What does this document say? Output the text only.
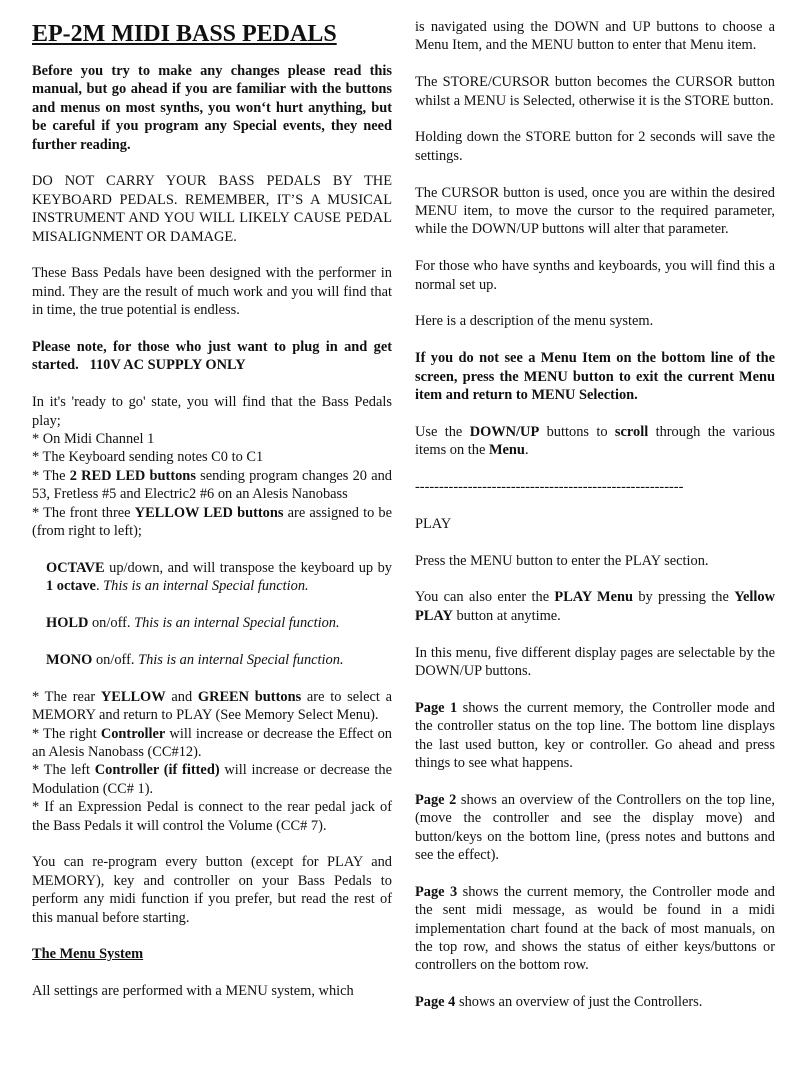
EP-2M MIDI BASS PEDALS

Before you try to make any changes please read this manual, but go ahead if you are familiar with the buttons and menus on most synths, you won‘t hurt anything, but be careful if you program any Special events, they need further reading.

DO NOT CARRY YOUR BASS PEDALS BY THE KEYBOARD PEDALS. REMEMBER, IT’S A MUSICAL INSTRUMENT AND YOU WILL LIKELY CAUSE PEDAL MISALIGNMENT OR DAMAGE.

These Bass Pedals have been designed with the performer in mind. They are the result of much work and you will find that in time, the true potential is endless.

Please note, for those who just want to plug in and get started. 110V AC SUPPLY ONLY

In it's 'ready to go' state, you will find that the Bass Pedals play;

* On Midi Channel 1

* The Keyboard sending notes C0 to C1

* The 2 RED LED buttons sending program changes 20 and 53, Fretless #5 and Electric2 #6 on an Alesis Nanobass

* The front three YELLOW LED buttons are assigned to be (from right to left);

OCTAVE up/down, and will transpose the keyboard up by 1 octave. This is an internal Special function.

HOLD on/off. This is an internal Special function.

MONO on/off. This is an internal Special function.

* The rear YELLOW and GREEN buttons are to select a MEMORY and return to PLAY (See Memory Select Menu).

* The right Controller will increase or decrease the Effect on an Alesis Nanobass (CC#12).

* The left Controller (if fitted) will increase or decrease the Modulation (CC# 1).

* If an Expression Pedal is connect to the rear pedal jack of the Bass Pedals it will control the Volume (CC# 7).

You can re-program every button (except for PLAY and MEMORY), key and controller on your Bass Pedals to perform any midi function if you prefer, but read the rest of this manual before starting.

The Menu System

All settings are performed with a MENU system, which

is navigated using the DOWN and UP buttons to choose a Menu Item, and the MENU button to enter that Menu item.

The STORE/CURSOR button becomes the CURSOR button whilst a MENU is Selected, otherwise it is the STORE button.

Holding down the STORE button for 2 seconds will save the settings.

The CURSOR button is used, once you are within the desired MENU item, to move the cursor to the required parameter, while the DOWN/UP buttons will alter that parameter.

For those who have synths and keyboards, you will find this a normal set up.

Here is a description of the menu system.

If you do not see a Menu Item on the bottom line of the screen, press the MENU button to exit the current Menu item and return to MENU Selection.

Use the DOWN/UP buttons to scroll through the various items on the Menu.

--------------------------------------------------------

PLAY

Press the MENU button to enter the PLAY section.

You can also enter the PLAY Menu by pressing the Yellow PLAY button at anytime.

In this menu, five different display pages are selectable by the DOWN/UP buttons.

Page 1 shows the current memory, the Controller mode and the controller status on the top line. The bottom line displays the last used button, key or controller. Go ahead and press things to see what happens.

Page 2 shows an overview of the Controllers on the top line, (move the controller and see the display move) and button/keys on the bottom line, (press notes and buttons and see the effect).

Page 3 shows the current memory, the Controller mode and the sent midi message, as would be found in a midi implementation chart found at the back of most manuals, on the top row, and shows the status of either keys/buttons or controllers on the bottom row.

Page 4 shows an overview of just the Controllers.
